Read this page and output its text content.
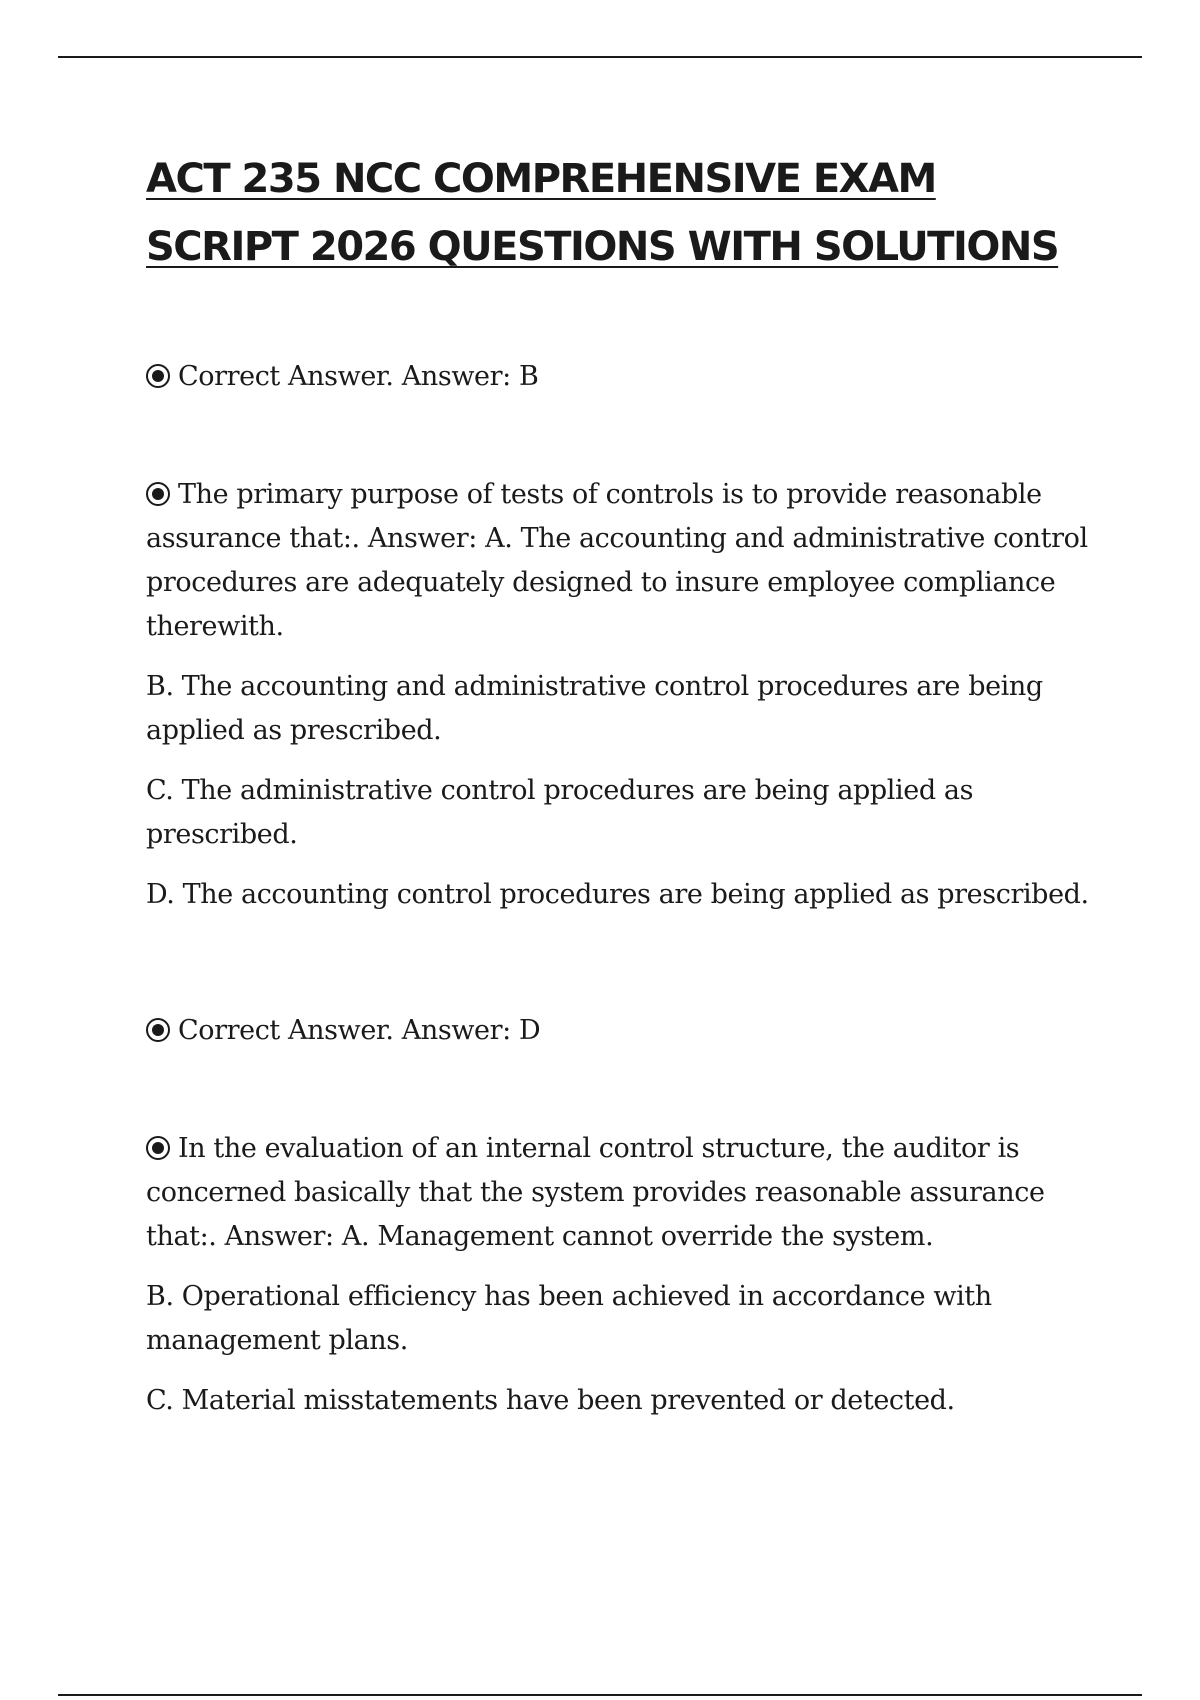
ACT 235 NCC COMPREHENSIVE EXAM
SCRIPT 2026 QUESTIONS WITH SOLUTIONS

Correct Answer. Answer: B

The primary purpose of tests of controls is to provide reasonable assurance that:. Answer: A. The accounting and administrative control procedures are adequately designed to insure employee compliance therewith.

B. The accounting and administrative control procedures are being applied as prescribed.

C. The administrative control procedures are being applied as prescribed.

D. The accounting control procedures are being applied as prescribed.

Correct Answer. Answer: D

In the evaluation of an internal control structure, the auditor is concerned basically that the system provides reasonable assurance that:. Answer: A. Management cannot override the system.

B. Operational efficiency has been achieved in accordance with management plans.

C. Material misstatements have been prevented or detected.
